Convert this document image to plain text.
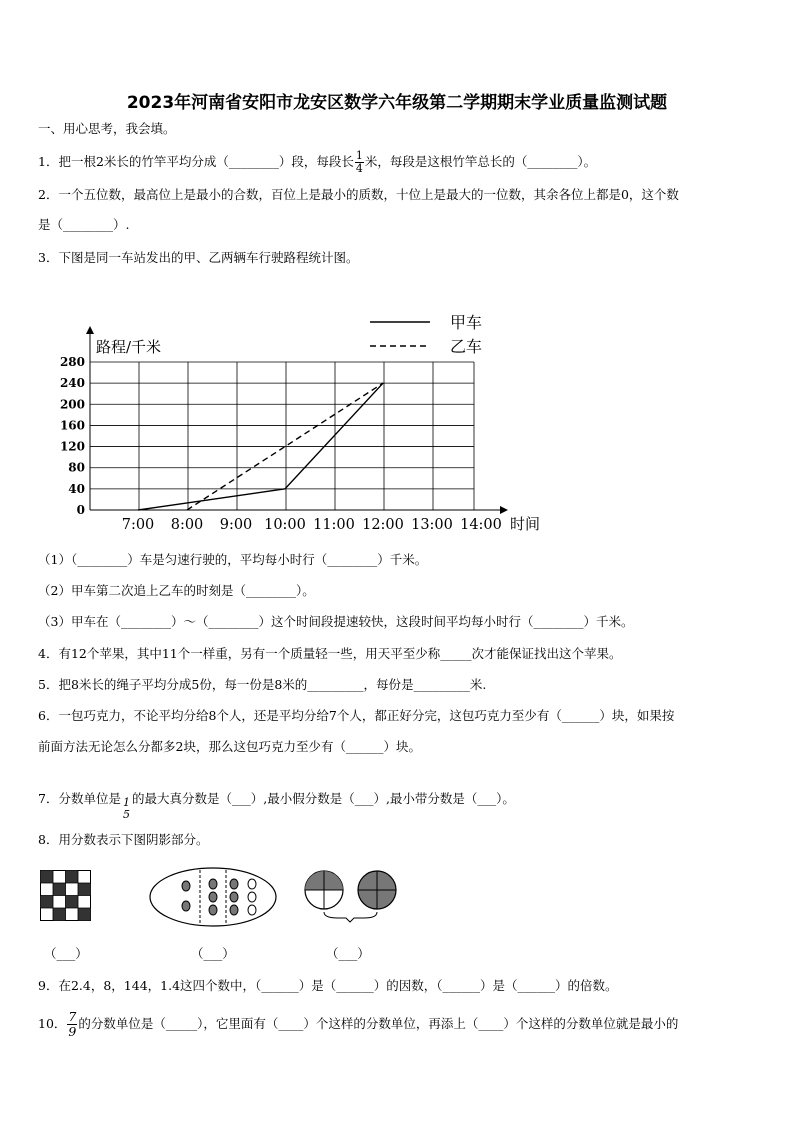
2023年河南省安阳市龙安区数学六年级第二学期期末学业质量监测试题
一、用心思考，我会填。
1．把一根2米长的竹竿平均分成（________）段，每段长 $\frac{1}{4}$ 米，每段是这根竹竿总长的（________）。
2．一个五位数，最高位上是最小的合数，百位上是最小的质数，十位上是最大的一位数，其余各位上都是0，这个数
是（________）.
3．下图是同一车站发出的甲、乙两辆车行驶路程统计图。
0
40
80
120
160
200
240
280
7:00 8:00 9:00 10:00 11:00 12:00 13:00 14:00
甲车
乙车
路程/千米
时间
（1）（________）车是匀速行驶的，平均每小时行（________）千米。
（2）甲车第二次追上乙车的时刻是（________）。
（3）甲车在（________）～（________）这个时间段提速较快，这段时间平均每小时行（________）千米。
4．有12个苹果，其中11个一样重，另有一个质量轻一些，用天平至少称_____次才能保证找出这个苹果。
5．把8米长的绳子平均分成5份，每一份是8米的_________，每份是_________米.
6．一包巧克力，不论平均分给8个人，还是平均分给7个人，都正好分完，这包巧克力至少有（______）块，如果按
前面方法无论怎么分都多2块，那么这包巧克力至少有（______）块。
7．分数单位是 1
5
的最大真分数是（___）,最小假分数是（___）,最小带分数是（___）。
8．用分数表示下图阴影部分。
（___）	（___）	（___）
9．在2.4，8，144，1.4这四个数中，（______）是（______）的因数，（______）是（______）的倍数。
10． $\frac{7}{9}$ 的分数单位是（_____），它里面有（____）个这样的分数单位，再添上（____）个这样的分数单位就是最小的
